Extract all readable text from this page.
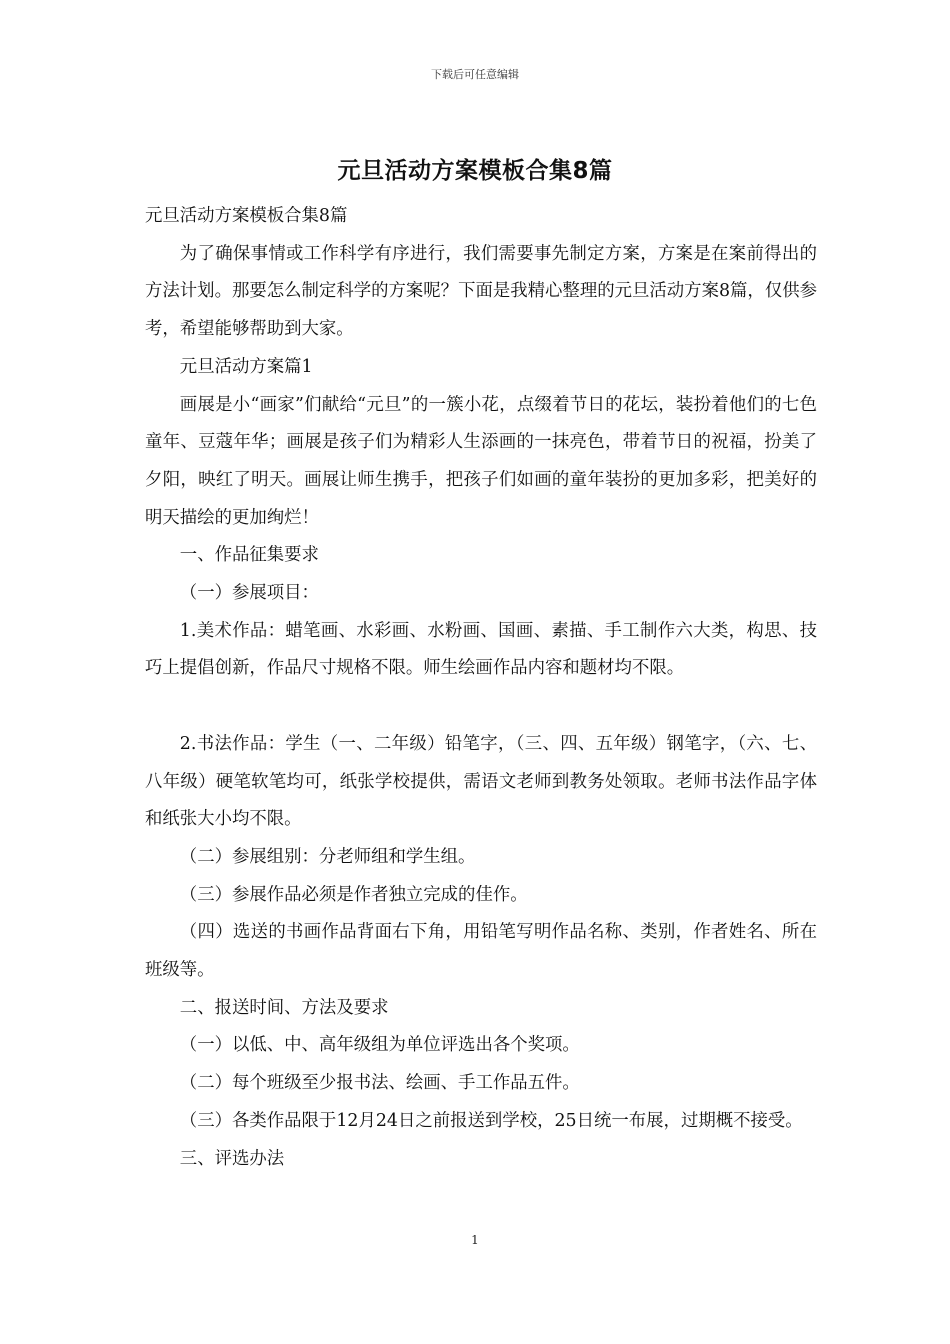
下载后可任意编辑
元旦活动方案模板合集8篇

元旦活动方案模板合集8篇

为了确保事情或工作科学有序进行，我们需要事先制定方案，方案是在案前得出的方法计划。那要怎么制定科学的方案呢？下面是我精心整理的元旦活动方案8篇，仅供参考，希望能够帮助到大家。

元旦活动方案篇1

画展是小“画家”们献给“元旦”的一簇小花，点缀着节日的花坛，装扮着他们的七色童年、豆蔻年华；画展是孩子们为精彩人生添画的一抹亮色，带着节日的祝福，扮美了夕阳，映红了明天。画展让师生携手，把孩子们如画的童年装扮的更加多彩，把美好的明天描绘的更加绚烂！

一、作品征集要求

（一）参展项目：

1.美术作品：蜡笔画、水彩画、水粉画、国画、素描、手工制作六大类，构思、技巧上提倡创新，作品尺寸规格不限。师生绘画作品内容和题材均不限。

2.书法作品：学生（一、二年级）铅笔字，（三、四、五年级）钢笔字，（六、七、八年级）硬笔软笔均可，纸张学校提供，需语文老师到教务处领取。老师书法作品字体和纸张大小均不限。

（二）参展组别：分老师组和学生组。

（三）参展作品必须是作者独立完成的佳作。

（四）选送的书画作品背面右下角，用铅笔写明作品名称、类别，作者姓名、所在班级等。

二、报送时间、方法及要求

（一）以低、中、高年级组为单位评选出各个奖项。

（二）每个班级至少报书法、绘画、手工作品五件。

（三）各类作品限于12月24日之前报送到学校，25日统一布展，过期概不接受。

三、评选办法

1
